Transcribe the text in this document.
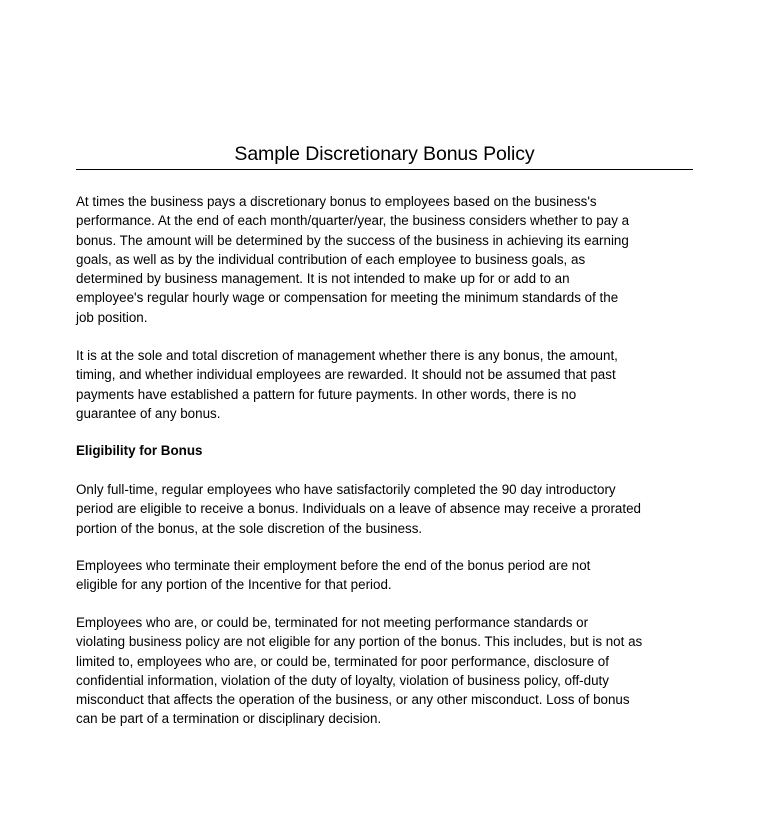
Sample Discretionary Bonus Policy

At times the business pays a discretionary bonus to employees based on the business's
performance. At the end of each month/quarter/year, the business considers whether to pay a
bonus. The amount will be determined by the success of the business in achieving its earning
goals, as well as by the individual contribution of each employee to business goals, as
determined by business management. It is not intended to make up for or add to an
employee's regular hourly wage or compensation for meeting the minimum standards of the
job position.

It is at the sole and total discretion of management whether there is any bonus, the amount,
timing, and whether individual employees are rewarded. It should not be assumed that past
payments have established a pattern for future payments. In other words, there is no
guarantee of any bonus.

Eligibility for Bonus

Only full-time, regular employees who have satisfactorily completed the 90 day introductory
period are eligible to receive a bonus. Individuals on a leave of absence may receive a prorated
portion of the bonus, at the sole discretion of the business.

Employees who terminate their employment before the end of the bonus period are not
eligible for any portion of the Incentive for that period.

Employees who are, or could be, terminated for not meeting performance standards or
violating business policy are not eligible for any portion of the bonus. This includes, but is not as
limited to, employees who are, or could be, terminated for poor performance, disclosure of
confidential information, violation of the duty of loyalty, violation of business policy, off-duty
misconduct that affects the operation of the business, or any other misconduct. Loss of bonus
can be part of a termination or disciplinary decision.
